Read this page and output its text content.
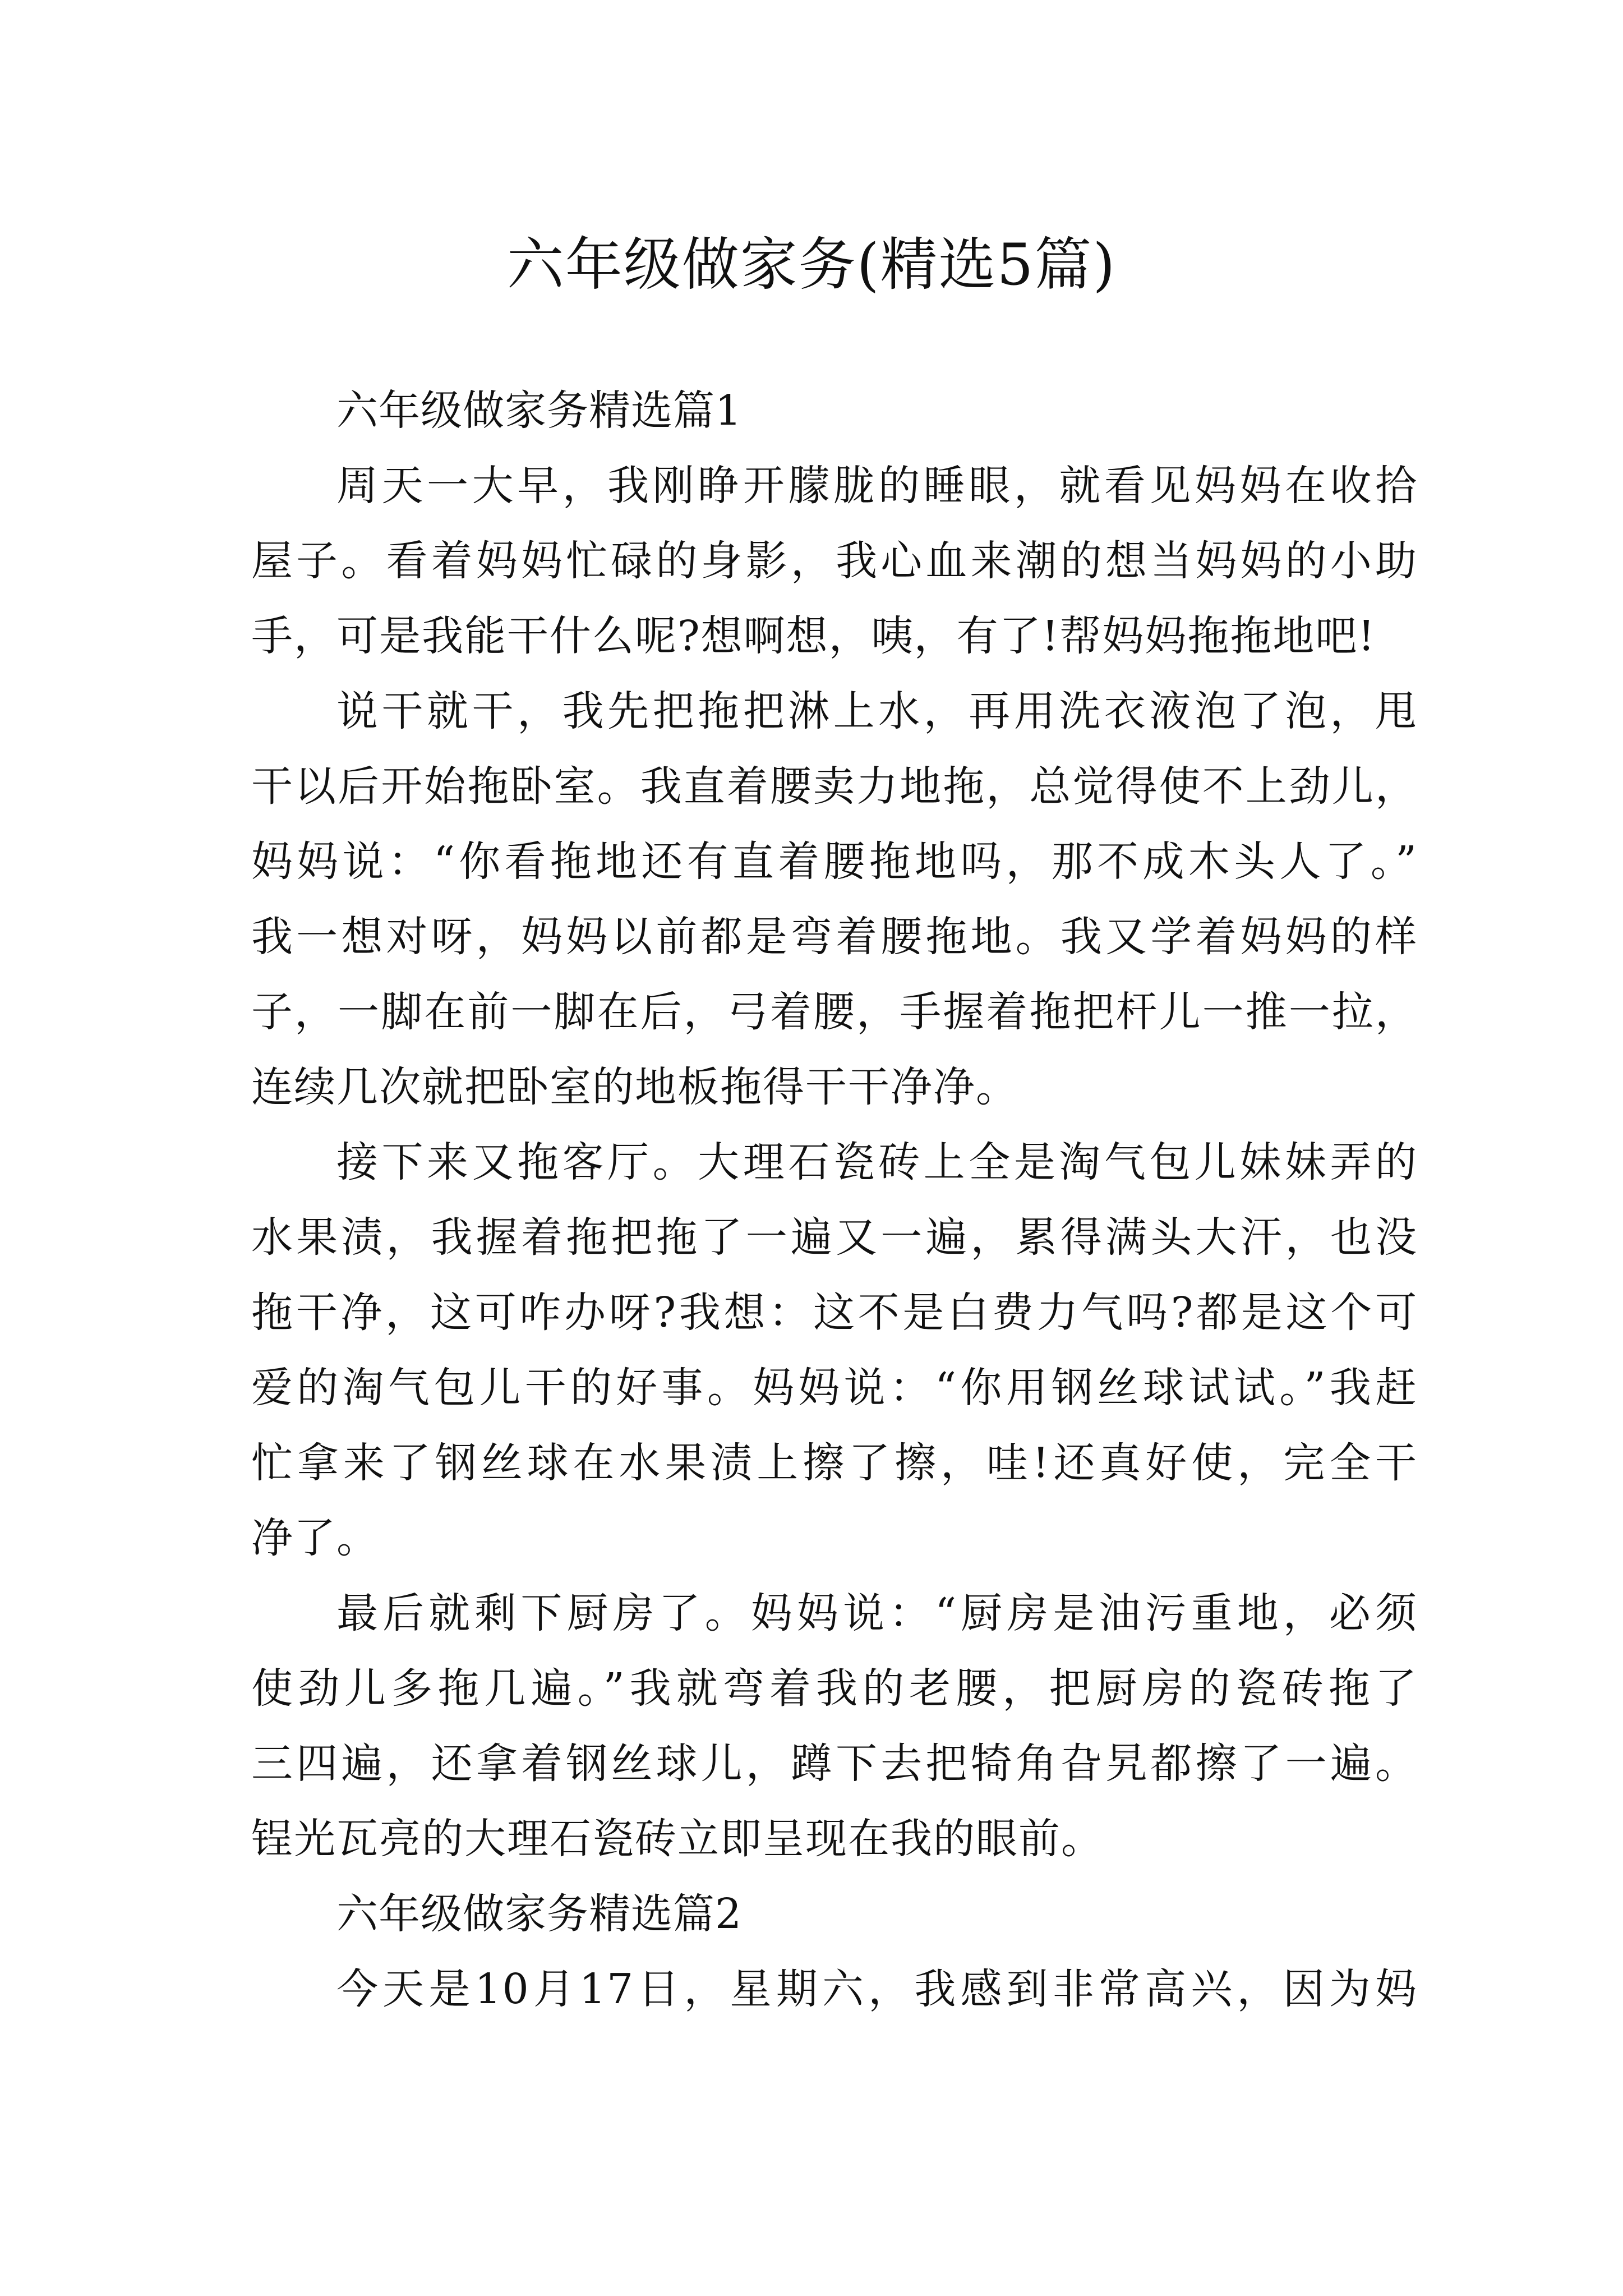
六年级做家务(精选5篇)
六年级做家务精选篇1
周天一大早，我刚睁开朦胧的睡眼，就看见妈妈在收拾
屋子。看着妈妈忙碌的身影，我心血来潮的想当妈妈的小助
手，可是我能干什么呢?想啊想，咦，有了!帮妈妈拖拖地吧!
说干就干，我先把拖把淋上水，再用洗衣液泡了泡，甩
干以后开始拖卧室。我直着腰卖力地拖，总觉得使不上劲儿，
妈妈说：“你看拖地还有直着腰拖地吗，那不成木头人了。”
我一想对呀，妈妈以前都是弯着腰拖地。我又学着妈妈的样
子，一脚在前一脚在后，弓着腰，手握着拖把杆儿一推一拉，
连续几次就把卧室的地板拖得干干净净。
接下来又拖客厅。大理石瓷砖上全是淘气包儿妹妹弄的
水果渍，我握着拖把拖了一遍又一遍，累得满头大汗，也没
拖干净，这可咋办呀?我想：这不是白费力气吗?都是这个可
爱的淘气包儿干的好事。妈妈说：“你用钢丝球试试。”我赶
忙拿来了钢丝球在水果渍上擦了擦，哇!还真好使，完全干
净了。
最后就剩下厨房了。妈妈说：“厨房是油污重地，必须
使劲儿多拖几遍。”我就弯着我的老腰，把厨房的瓷砖拖了
三四遍，还拿着钢丝球儿，蹲下去把犄角旮旯都擦了一遍。
锃光瓦亮的大理石瓷砖立即呈现在我的眼前。
六年级做家务精选篇2
今天是10月17日，星期六，我感到非常高兴，因为妈
